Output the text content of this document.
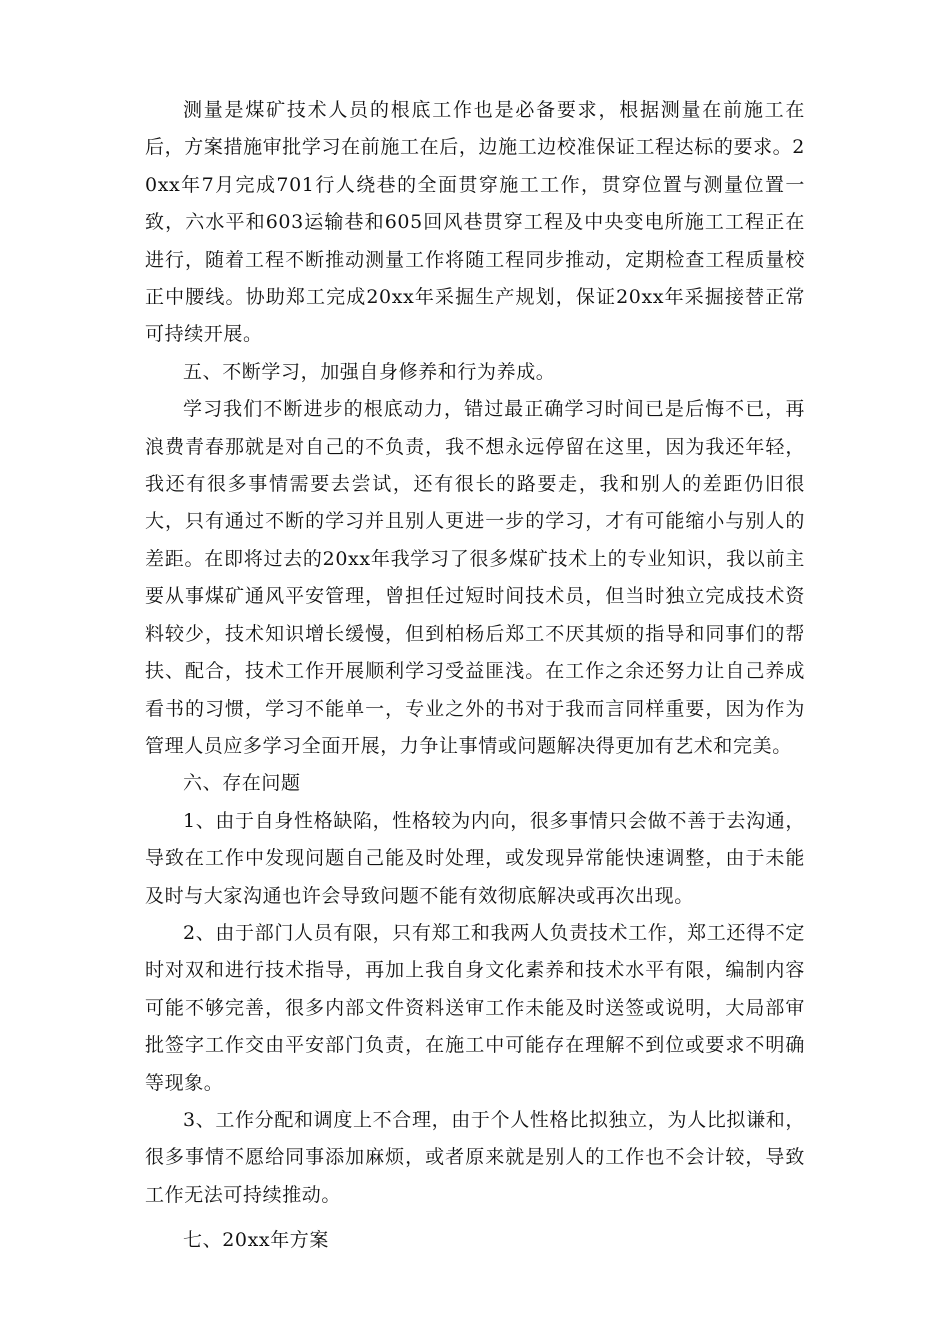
测量是煤矿技术人员的根底工作也是必备要求，根据测量在前施工在后，方案措施审批学习在前施工在后，边施工边校准保证工程达标的要求。20xx年7月完成701行人绕巷的全面贯穿施工工作，贯穿位置与测量位置一致，六水平和603运输巷和605回风巷贯穿工程及中央变电所施工工程正在进行，随着工程不断推动测量工作将随工程同步推动，定期检查工程质量校正中腰线。协助郑工完成20xx年采掘生产规划，保证20xx年采掘接替正常可持续开展。

五、不断学习，加强自身修养和行为养成。

学习我们不断进步的根底动力，错过最正确学习时间已是后悔不已，再浪费青春那就是对自己的不负责，我不想永远停留在这里，因为我还年轻，我还有很多事情需要去尝试，还有很长的路要走，我和别人的差距仍旧很大，只有通过不断的学习并且别人更进一步的学习，才有可能缩小与别人的差距。在即将过去的20xx年我学习了很多煤矿技术上的专业知识，我以前主要从事煤矿通风平安管理，曾担任过短时间技术员，但当时独立完成技术资料较少，技术知识增长缓慢，但到柏杨后郑工不厌其烦的指导和同事们的帮扶、配合，技术工作开展顺利学习受益匪浅。在工作之余还努力让自己养成看书的习惯，学习不能单一，专业之外的书对于我而言同样重要，因为作为管理人员应多学习全面开展，力争让事情或问题解决得更加有艺术和完美。

六、存在问题

1、由于自身性格缺陷，性格较为内向，很多事情只会做不善于去沟通，导致在工作中发现问题自己能及时处理，或发现异常能快速调整，由于未能及时与大家沟通也许会导致问题不能有效彻底解决或再次出现。

2、由于部门人员有限，只有郑工和我两人负责技术工作，郑工还得不定时对双和进行技术指导，再加上我自身文化素养和技术水平有限，编制内容可能不够完善，很多内部文件资料送审工作未能及时送签或说明，大局部审批签字工作交由平安部门负责，在施工中可能存在理解不到位或要求不明确等现象。

3、工作分配和调度上不合理，由于个人性格比拟独立，为人比拟谦和，很多事情不愿给同事添加麻烦，或者原来就是别人的工作也不会计较，导致工作无法可持续推动。

七、20xx年方案
